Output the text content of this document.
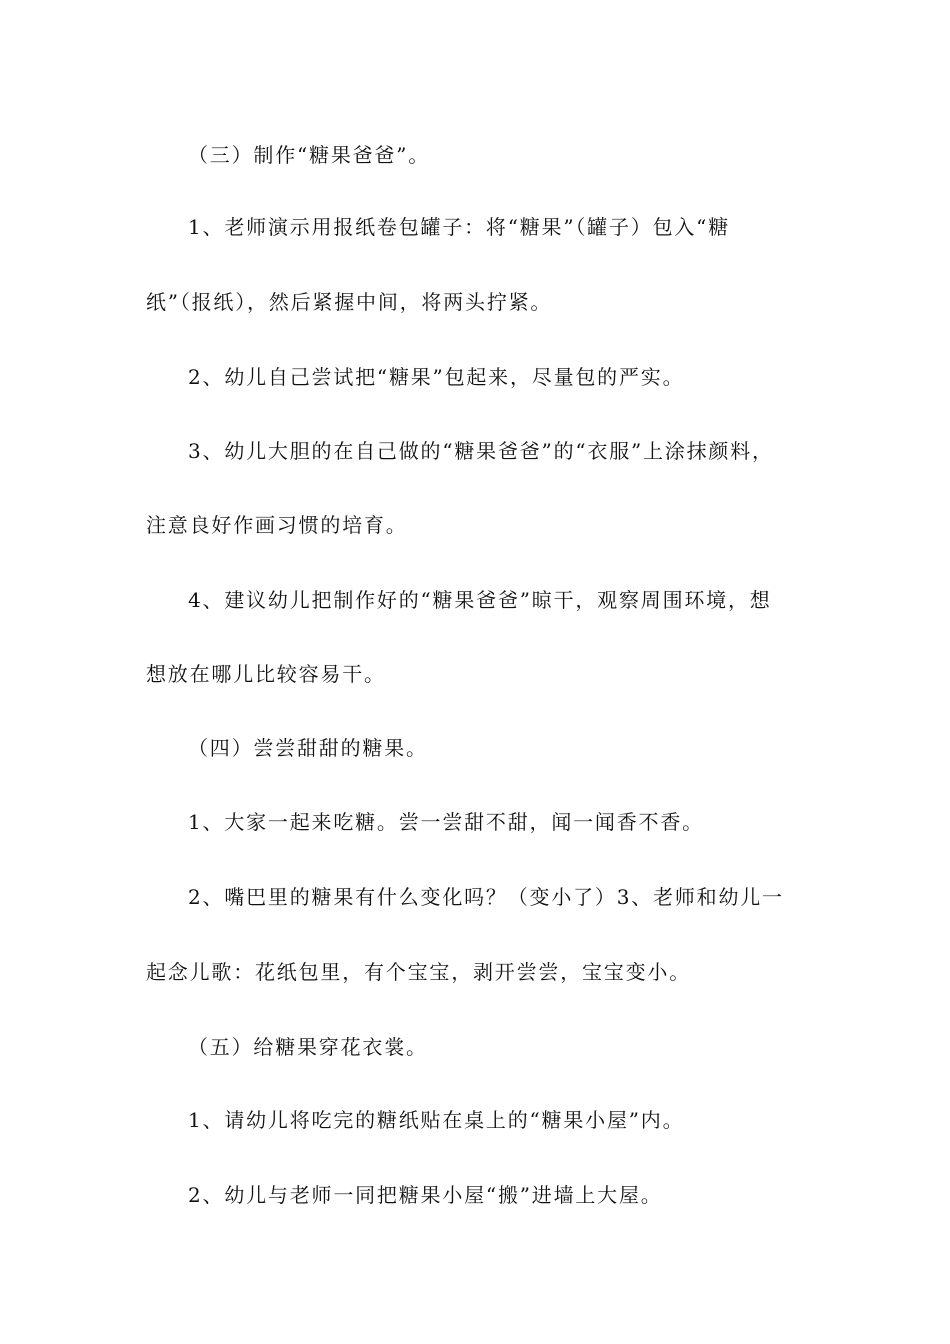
（三）制作“糖果爸爸”。
1、老师演示用报纸卷包罐子：将“糖果”（罐子）包入“糖
纸”（报纸），然后紧握中间，将两头拧紧。
2、幼儿自己尝试把“糖果”包起来，尽量包的严实。
3、幼儿大胆的在自己做的“糖果爸爸”的“衣服”上涂抹颜料，
注意良好作画习惯的培育。
4、建议幼儿把制作好的“糖果爸爸”晾干，观察周围环境，想
想放在哪儿比较容易干。
（四）尝尝甜甜的糖果。
1、大家一起来吃糖。尝一尝甜不甜，闻一闻香不香。
2、嘴巴里的糖果有什么变化吗？（变小了）3、老师和幼儿一
起念儿歌：花纸包里，有个宝宝，剥开尝尝，宝宝变小。
（五）给糖果穿花衣裳。
1、请幼儿将吃完的糖纸贴在桌上的“糖果小屋”内。
2、幼儿与老师一同把糖果小屋“搬”进墙上大屋。
